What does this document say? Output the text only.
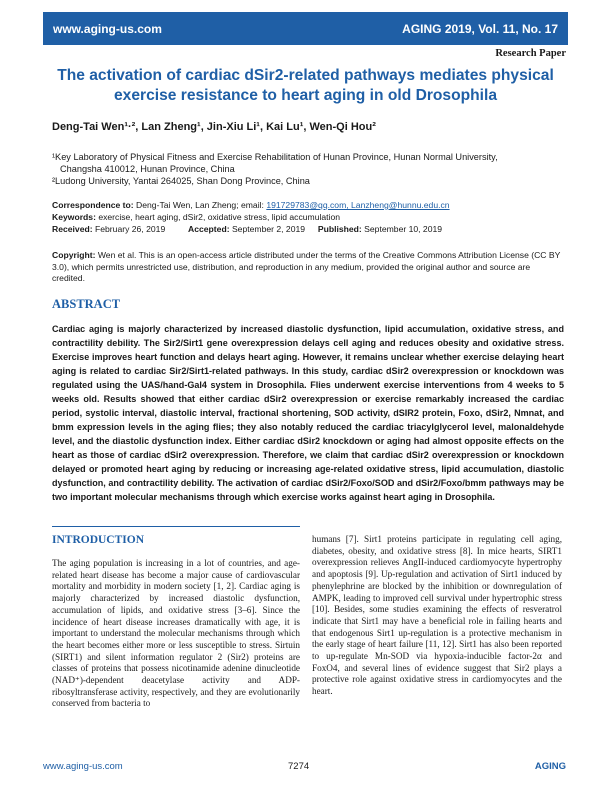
www.aging-us.com	AGING 2019, Vol. 11, No. 17
Research Paper
The activation of cardiac dSir2-related pathways mediates physical exercise resistance to heart aging in old Drosophila

Deng-Tai Wen¹·², Lan Zheng¹, Jin-Xiu Li¹, Kai Lu¹, Wen-Qi Hou²

¹Key Laboratory of Physical Fitness and Exercise Rehabilitation of Hunan Province, Hunan Normal University,

Changsha 410012, Hunan Province, China

²Ludong University, Yantai 264025, Shan Dong Province, China

Correspondence to: Deng-Tai Wen, Lan Zheng; email: 191729783@qq.com, Lanzheng@hunnu.edu.cn

Keywords: exercise, heart aging, dSir2, oxidative stress, lipid accumulation

Received: February 26, 2019	Accepted: September 2, 2019 Published: September 10, 2019

Copyright: Wen et al. This is an open-access article distributed under the terms of the Creative Commons Attribution License (CC BY 3.0), which permits unrestricted use, distribution, and reproduction in any medium, provided the original author and source are credited.

ABSTRACT

Cardiac aging is majorly characterized by increased diastolic dysfunction, lipid accumulation, oxidative stress, and contractility debility. The Sir2/Sirt1 gene overexpression delays cell aging and reduces obesity and oxidative stress. Exercise improves heart function and delays heart aging. However, it remains unclear whether exercise delaying heart aging is related to cardiac Sir2/Sirt1-related pathways. In this study, cardiac dSir2 overexpression or knockdown was regulated using the UAS/hand-Gal4 system in Drosophila. Flies underwent exercise interventions from 4 weeks to 5 weeks old. Results showed that either cardiac dSir2 overexpression or exercise remarkably increased the cardiac period, systolic interval, diastolic interval, fractional shortening, SOD activity, dSIR2 protein, Foxo, dSir2, Nmnat, and bmm expression levels in the aging flies; they also notably reduced the cardiac triacylglycerol level, malonaldehyde level, and the diastolic dysfunction index. Either cardiac dSir2 knockdown or aging had almost opposite effects on the heart as those of cardiac dSir2 overexpression. Therefore, we claim that cardiac dSir2 overexpression or knockdown delayed or promoted heart aging by reducing or increasing age-related oxidative stress, lipid accumulation, diastolic dysfunction, and contractility debility. The activation of cardiac dSir2/Foxo/SOD and dSir2/Foxo/bmm pathways may be two important molecular mechanisms through which exercise works against heart aging in Drosophila.

INTRODUCTION

The aging population is increasing in a lot of countries, and age-related heart disease has become a major cause of cardiovascular mortality and morbidity in modern society [1, 2]. Cardiac aging is majorly characterized by increased diastolic dysfunction, accumulation of lipids, and oxidative stress [3–6]. Since the incidence of heart disease increases dramatically with age, it is important to understand the molecular mechanisms through which the heart becomes either more or less susceptible to stress. Sirtuin (SIRT1) and silent information regulator 2 (Sir2) proteins are classes of proteins that possess nicotinamide adenine dinucleotide (NAD⁺)-dependent deacetylase activity and ADP-ribosyltransferase activity, respectively, and they are evolutionarily conserved from bacteria to

humans [7]. Sirt1 proteins participate in regulating cell aging, diabetes, obesity, and oxidative stress [8]. In mice hearts, SIRT1 overexpression relieves AngII-induced cardiomyocyte hypertrophy and apoptosis [9]. Up-regulation and activation of Sirt1 induced by phenylephrine are blocked by the inhibition or downregulation of AMPK, leading to improved cell survival under hypertrophic stress [10]. Besides, some studies examining the effects of resveratrol indicate that Sirt1 may have a beneficial role in failing hearts and that endogenous Sirt1 up-regulation is a protective mechanism in the early stage of heart failure [11, 12]. Sirt1 has also been reported to up-regulate Mn-SOD via hypoxia-inducible factor-2α and FoxO4, and several lines of evidence suggest that Sir2 plays a protective role against oxidative stress in cardiomyocytes and the heart.

www.aging-us.com	7274	AGING
